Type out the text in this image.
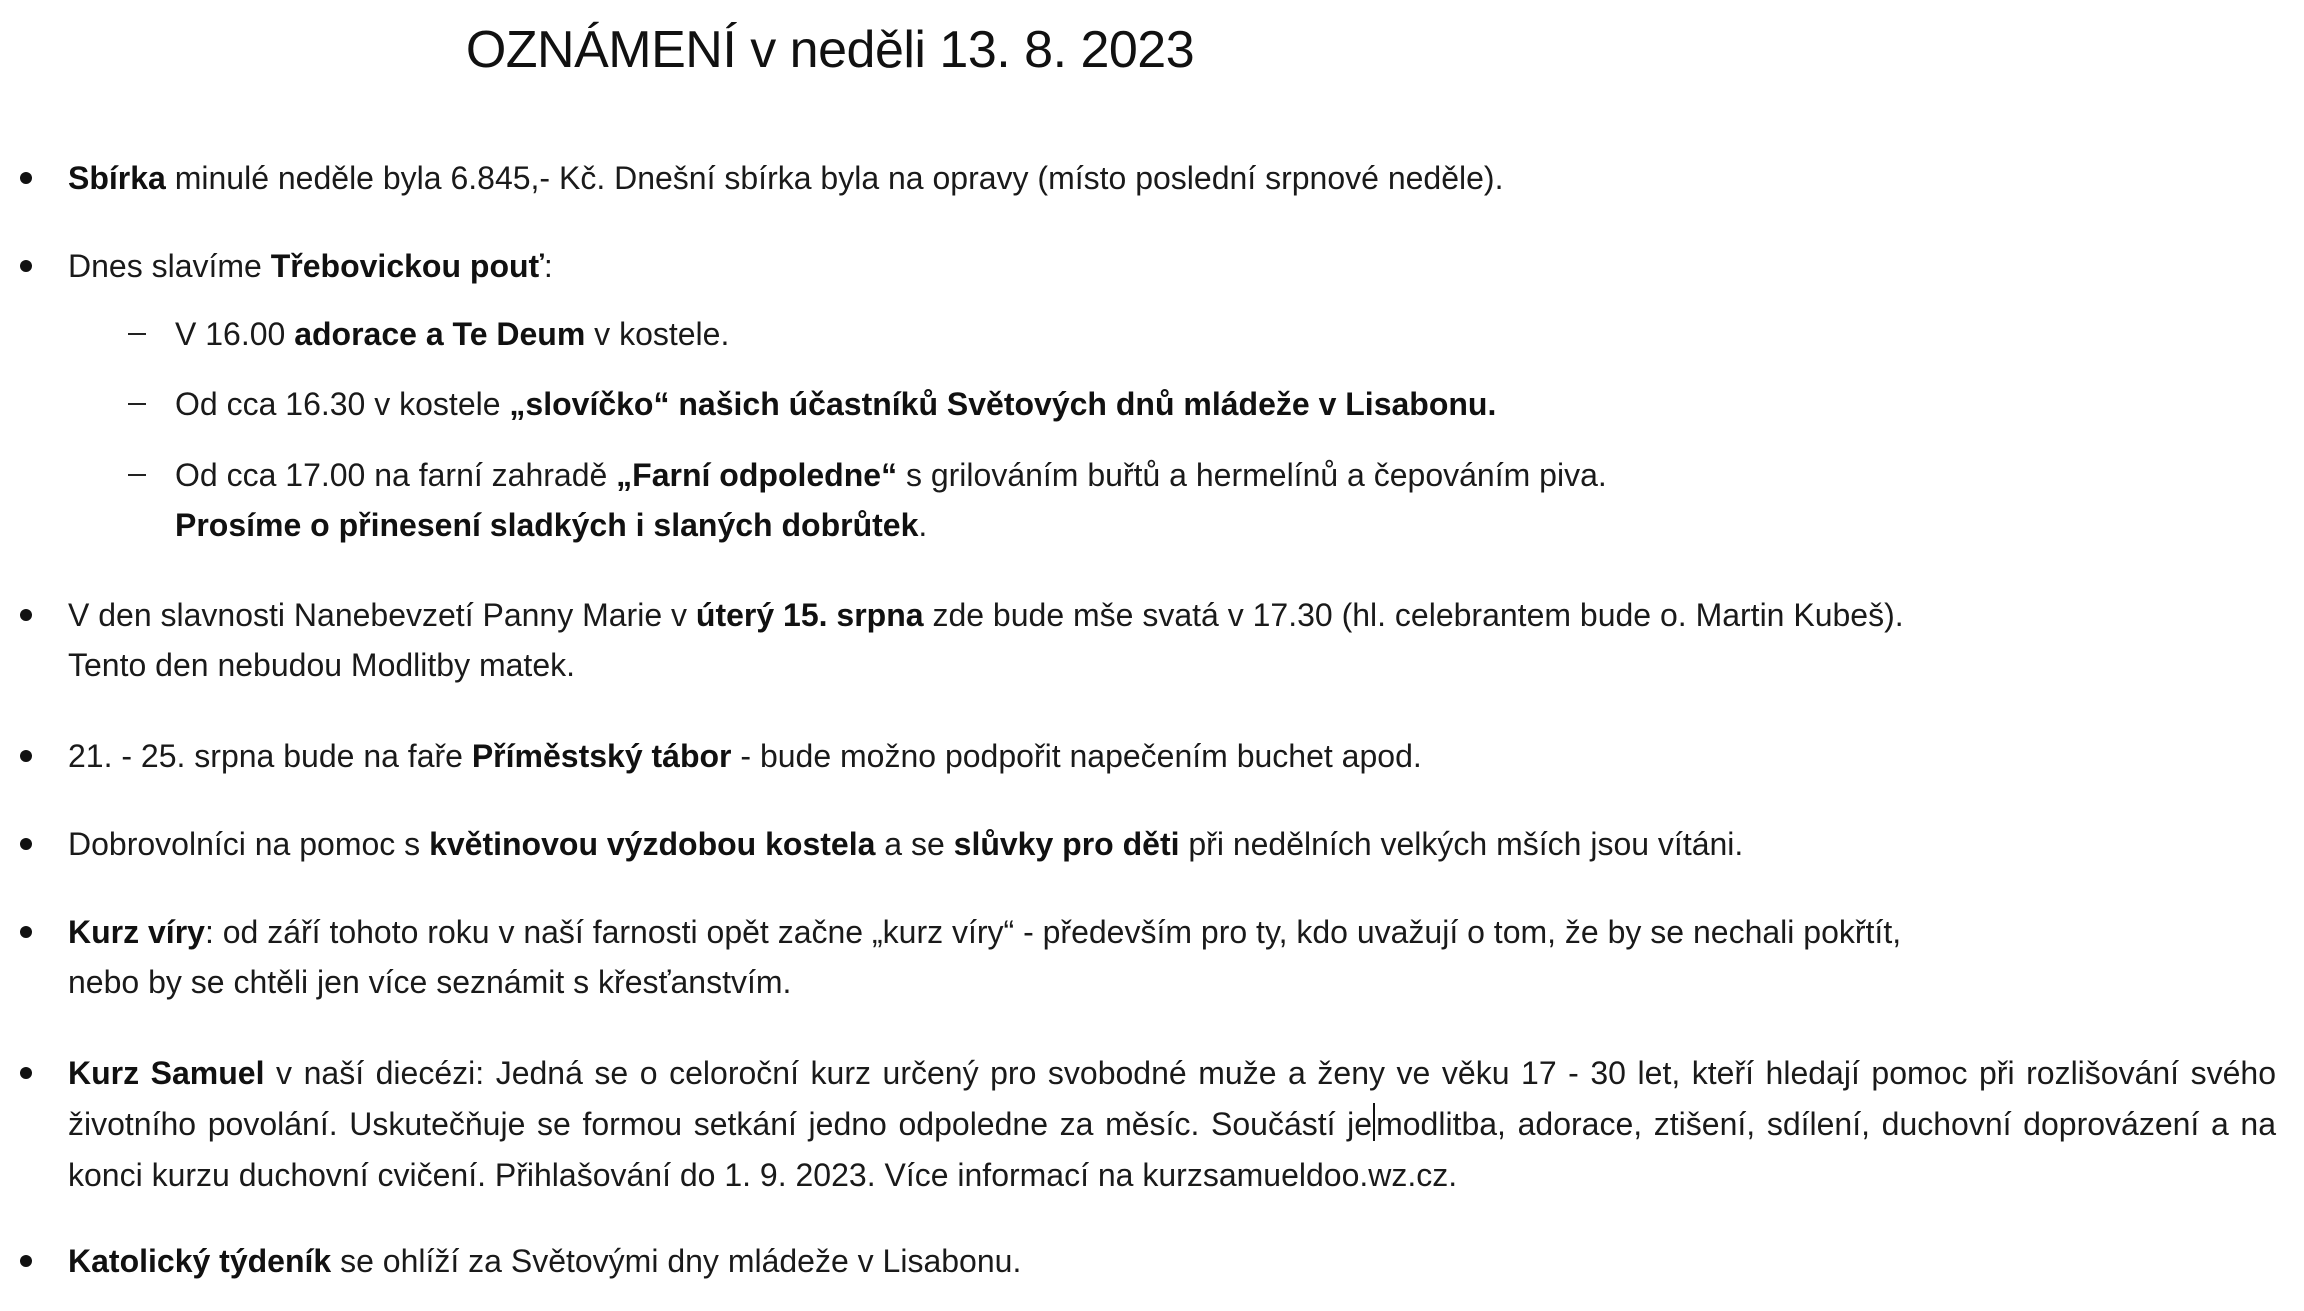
OZNÁMENÍ v neděli 13. 8. 2023
Sbírka minulé neděle byla 6.845,- Kč. Dnešní sbírka byla na opravy (místo poslední srpnové neděle).
Dnes slavíme Třebovickou pouť:
V 16.00 adorace a Te Deum v kostele.
Od cca 16.30 v kostele „slovíčko“ našich účastníků Světových dnů mládeže v Lisabonu.
Od cca 17.00 na farní zahradě „Farní odpoledne“ s grilováním buřtů a hermelínů a čepováním piva.
Prosíme o přinesení sladkých i slaných dobrůtek.
V den slavnosti Nanebevzetí Panny Marie v úterý 15. srpna zde bude mše svatá v 17.30 (hl. celebrantem bude o. Martin Kubeš).
Tento den nebudou Modlitby matek.
21. - 25. srpna bude na faře Příměstský tábor - bude možno podpořit napečením buchet apod.
Dobrovolníci na pomoc s květinovou výzdobou kostela a se slůvky pro děti při nedělních velkých mších jsou vítáni.
Kurz víry: od září tohoto roku v naší farnosti opět začne „kurz víry“ - především pro ty, kdo uvažují o tom, že by se nechali pokřtít,
nebo by se chtěli jen více seznámit s křesťanstvím.
Kurz Samuel v naší diecézi: Jedná se o celoroční kurz určený pro svobodné muže a ženy ve věku 17 - 30 let, kteří hledají pomoc při rozlišování svého životního povolání. Uskutečňuje se formou setkání jedno odpoledne za měsíc. Součástí je modlitba, adorace, ztišení, sdílení, duchovní doprovázení a na konci kurzu duchovní cvičení. Přihlašování do 1. 9. 2023. Více informací na kurzsamueldoo.wz.cz.
Katolický týdeník se ohlíží za Světovými dny mládeže v Lisabonu.
